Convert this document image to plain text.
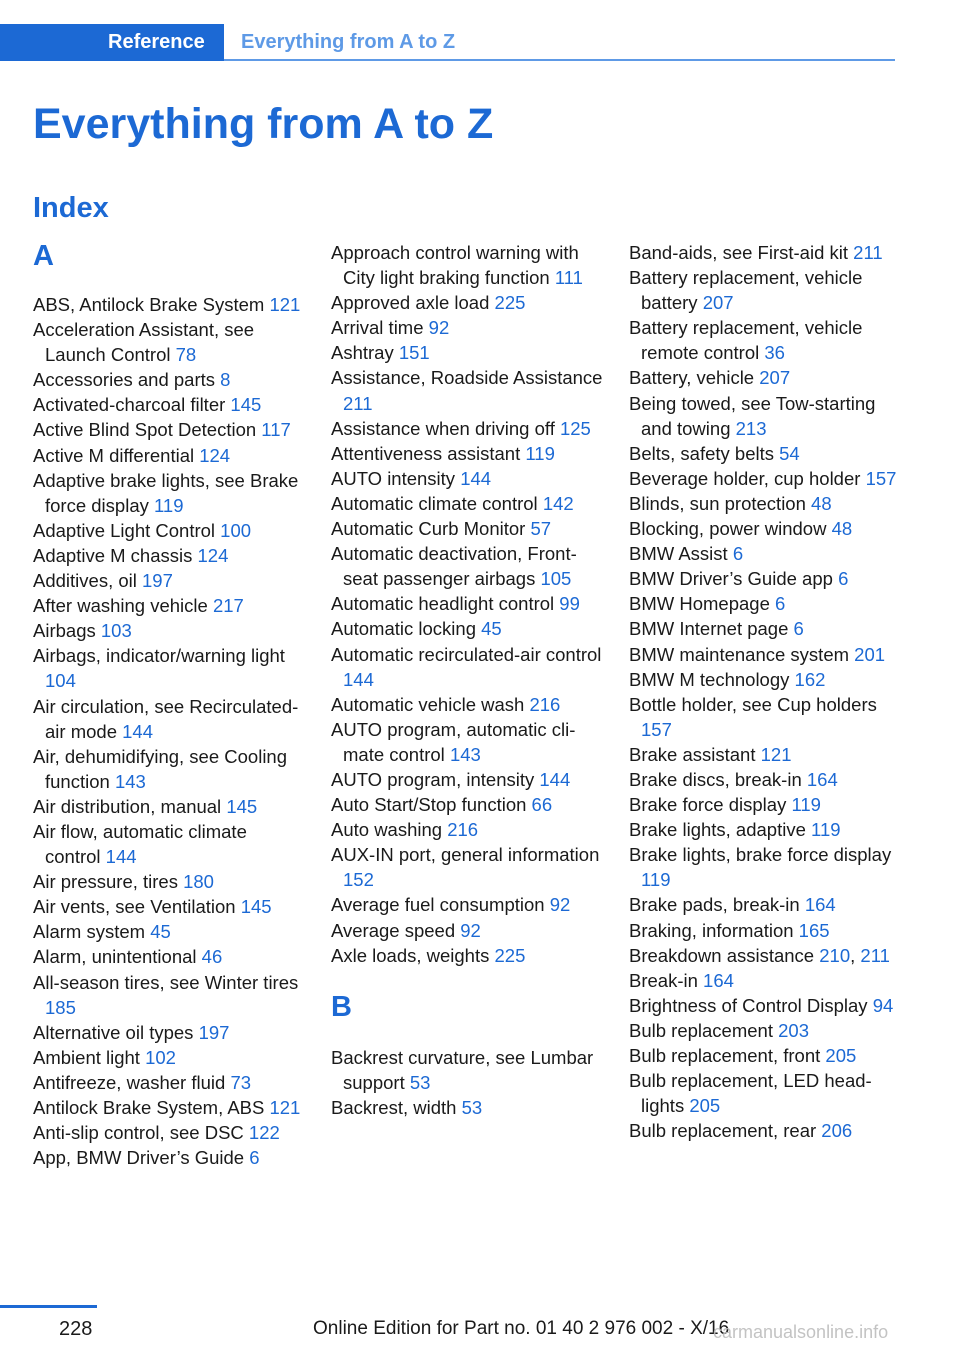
Reference Everything from A to Z
Everything from A to Z
Index
A
ABS, Antilock Brake System 121
Acceleration Assistant, see Launch Control 78
Accessories and parts 8
Activated-charcoal filter 145
Active Blind Spot Detection 117
Active M differential 124
Adaptive brake lights, see Brake force display 119
Adaptive Light Control 100
Adaptive M chassis 124
Additives, oil 197
After washing vehicle 217
Airbags 103
Airbags, indicator/warning light 104
Air circulation, see Recirculated-air mode 144
Air, dehumidifying, see Cooling function 143
Air distribution, manual 145
Air flow, automatic climate control 144
Air pressure, tires 180
Air vents, see Ventilation 145
Alarm system 45
Alarm, unintentional 46
All-season tires, see Winter tires 185
Alternative oil types 197
Ambient light 102
Antifreeze, washer fluid 73
Antilock Brake System, ABS 121
Anti-slip control, see DSC 122
App, BMW Driver’s Guide 6
Approach control warning with City light braking function 111
Approved axle load 225
Arrival time 92
Ashtray 151
Assistance, Roadside Assistance 211
Assistance when driving off 125
Attentiveness assistant 119
AUTO intensity 144
Automatic climate control 142
Automatic Curb Monitor 57
Automatic deactivation, Front-seat passenger airbags 105
Automatic headlight control 99
Automatic locking 45
Automatic recirculated-air control 144
Automatic vehicle wash 216
AUTO program, automatic climate control 143
AUTO program, intensity 144
Auto Start/Stop function 66
Auto washing 216
AUX-IN port, general information 152
Average fuel consumption 92
Average speed 92
Axle loads, weights 225
B
Backrest curvature, see Lumbar support 53
Backrest, width 53
Band-aids, see First-aid kit 211
Battery replacement, vehicle battery 207
Battery replacement, vehicle remote control 36
Battery, vehicle 207
Being towed, see Tow-starting and towing 213
Belts, safety belts 54
Beverage holder, cup holder 157
Blinds, sun protection 48
Blocking, power window 48
BMW Assist 6
BMW Driver’s Guide app 6
BMW Homepage 6
BMW Internet page 6
BMW maintenance system 201
BMW M technology 162
Bottle holder, see Cup holders 157
Brake assistant 121
Brake discs, break-in 164
Brake force display 119
Brake lights, adaptive 119
Brake lights, brake force display 119
Brake pads, break-in 164
Braking, information 165
Breakdown assistance 210, 211
Break-in 164
Brightness of Control Display 94
Bulb replacement 203
Bulb replacement, front 205
Bulb replacement, LED headlights 205
Bulb replacement, rear 206
228	Online Edition for Part no. 01 40 2 976 002 - X/16
carmanualsonline.info
